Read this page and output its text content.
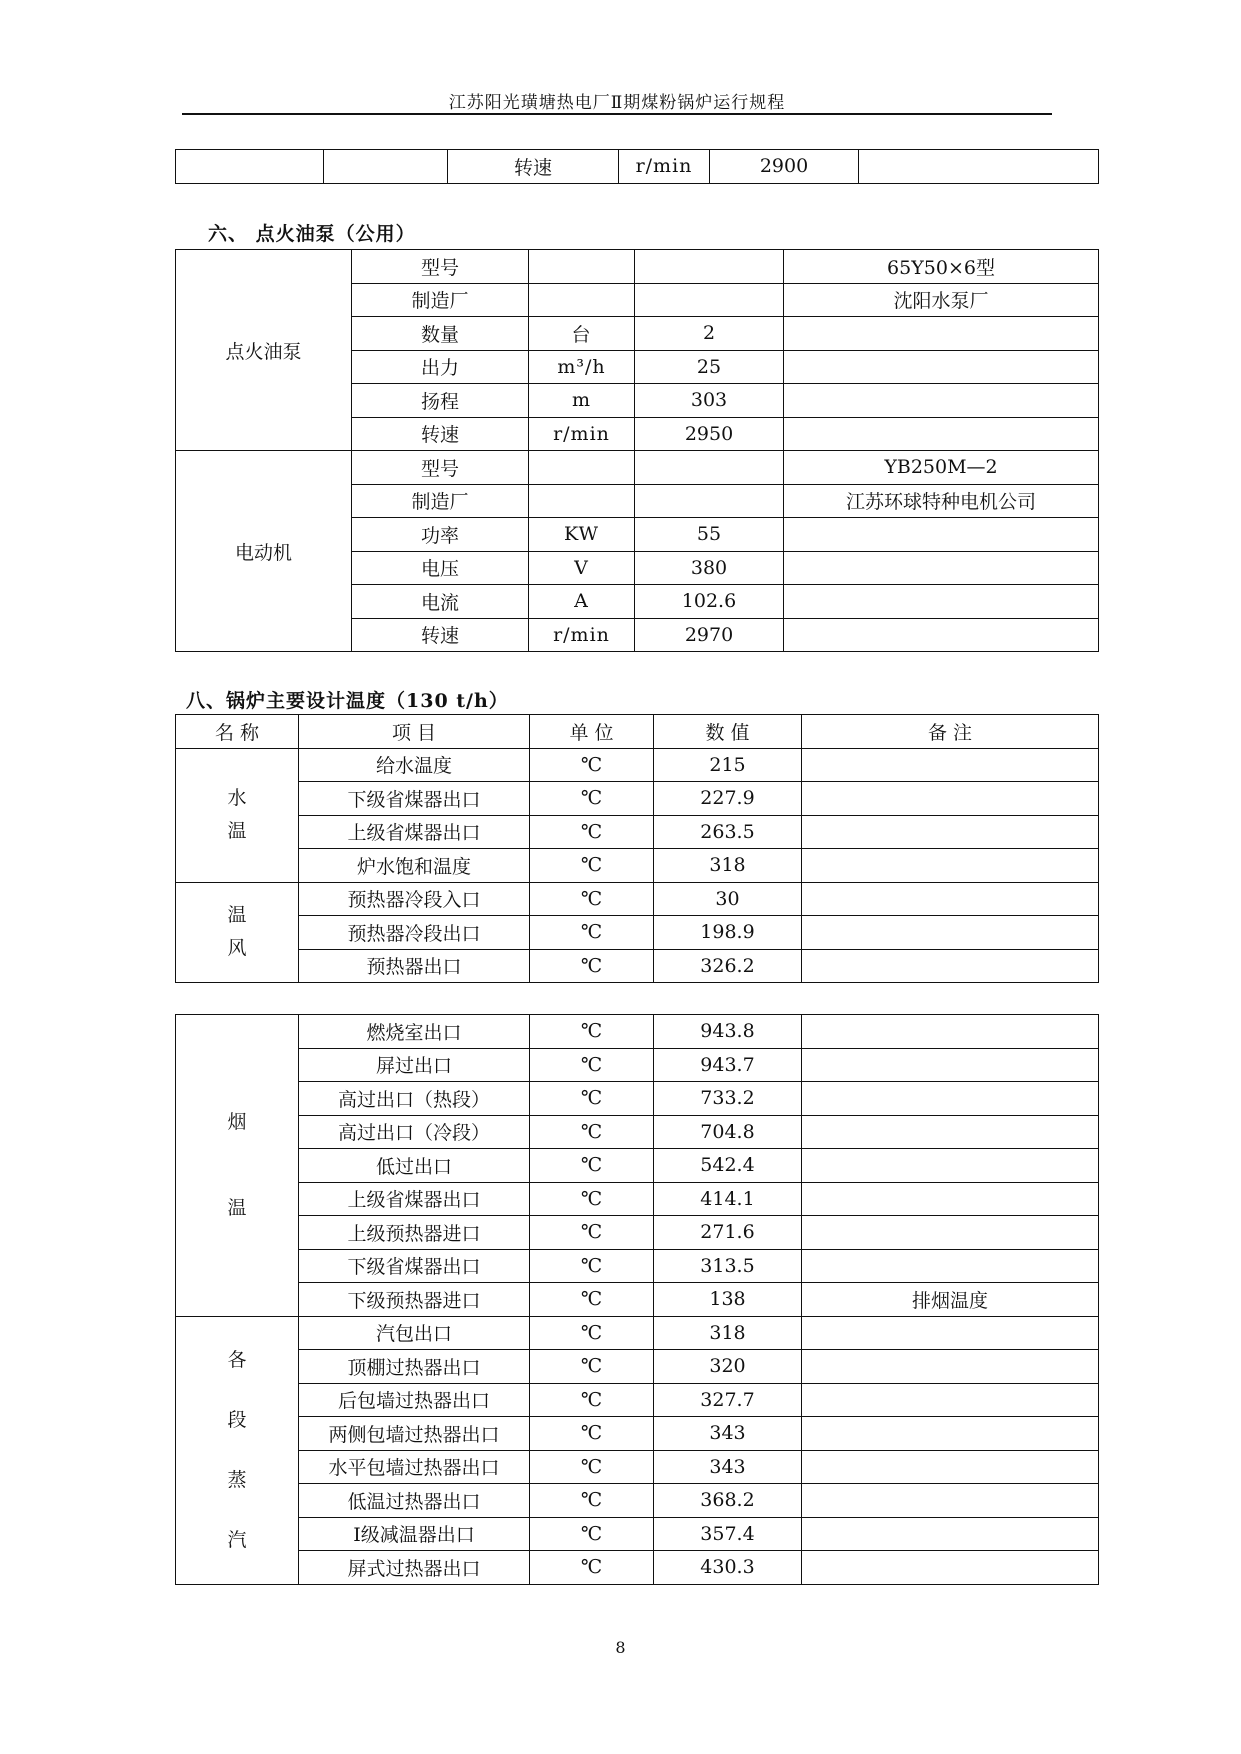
江苏阳光璜塘热电厂Ⅱ期煤粉锅炉运行规程
		转速	r/min	2900	
六、 点火油泵（公用）
点火油泵	型号			65Y50×6型
	制造厂			沈阳水泵厂
	数量	台	2	
	出力	m³/h	25	
	扬程	m	303	
	转速	r/min	2950	
电动机	型号			YB250M—2
	制造厂			江苏环球特种电机公司
	功率	KW	55	
	电压	V	380	
	电流	A	102.6	
	转速	r/min	2970	
八、锅炉主要设计温度（130 t/h）
名 称	项 目	单 位	数 值	备 注

水
温	给水温度	℃	215	
	下级省煤器出口	℃	227.9	
	上级省煤器出口	℃	263.5	
	炉水饱和温度	℃	318	

温
风	预热器冷段入口	℃	30	
	预热器冷段出口	℃	198.9	
	预热器出口	℃	326.2	
烟
温	燃烧室出口	℃	943.8	
	屏过出口	℃	943.7	
	高过出口（热段）	℃	733.2	
	高过出口（冷段）	℃	704.8	
	低过出口	℃	542.4	
	上级省煤器出口	℃	414.1	
	上级预热器进口	℃	271.6	
	下级省煤器出口	℃	313.5	
	下级预热器进口	℃	138	排烟温度

各
段
蒸
汽	汽包出口	℃	318	
	顶棚过热器出口	℃	320	
	后包墙过热器出口	℃	327.7	
	两侧包墙过热器出口	℃	343	
	水平包墙过热器出口	℃	343	
	低温过热器出口	℃	368.2	
	Ⅰ级减温器出口	℃	357.4	
	屏式过热器出口	℃	430.3	
8
